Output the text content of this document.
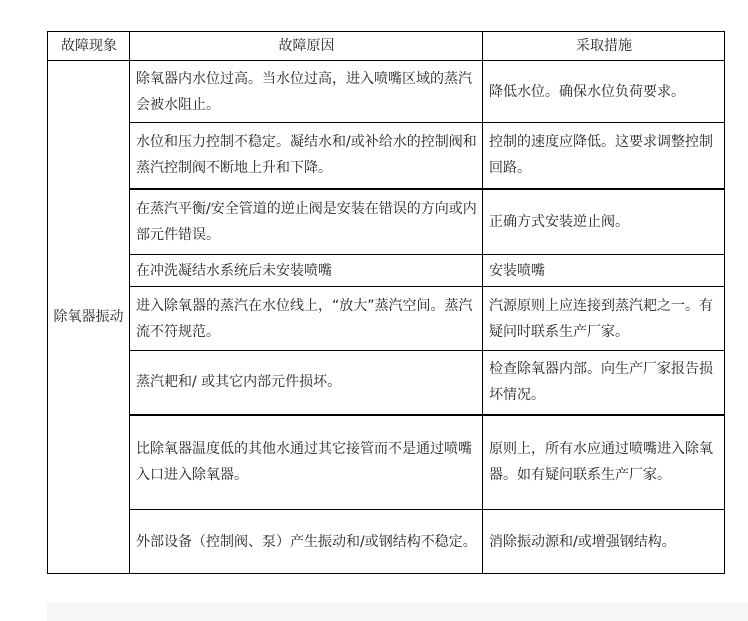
故障现象	故障原因	采取措施
除氧器振动	除氧器内水位过高。当水位过高，进入喷嘴区域的蒸汽会被水阻止。	降低水位。确保水位负荷要求。
	水位和压力控制不稳定。凝结水和/或补给水的控制阀和蒸汽控制阀不断地上升和下降。	控制的速度应降低。这要求调整控制回路。
	在蒸汽平衡/安全管道的逆止阀是安装在错误的方向或内部元件错误。	正确方式安装逆止阀。
	在冲洗凝结水系统后未安装喷嘴	安装喷嘴
	进入除氧器的蒸汽在水位线上，“放大”蒸汽空间。蒸汽流不符规范。	汽源原则上应连接到蒸汽耙之一。有疑问时联系生产厂家。
	蒸汽耙和/ 或其它内部元件损坏。	检查除氧器内部。向生产厂家报告损坏情况。
	比除氧器温度低的其他水通过其它接管而不是通过喷嘴入口进入除氧器。	原则上，所有水应通过喷嘴进入除氧器。如有疑问联系生产厂家。
	外部设备（控制阀、泵）产生振动和/或钢结构不稳定。	消除振动源和/或增强钢结构。
